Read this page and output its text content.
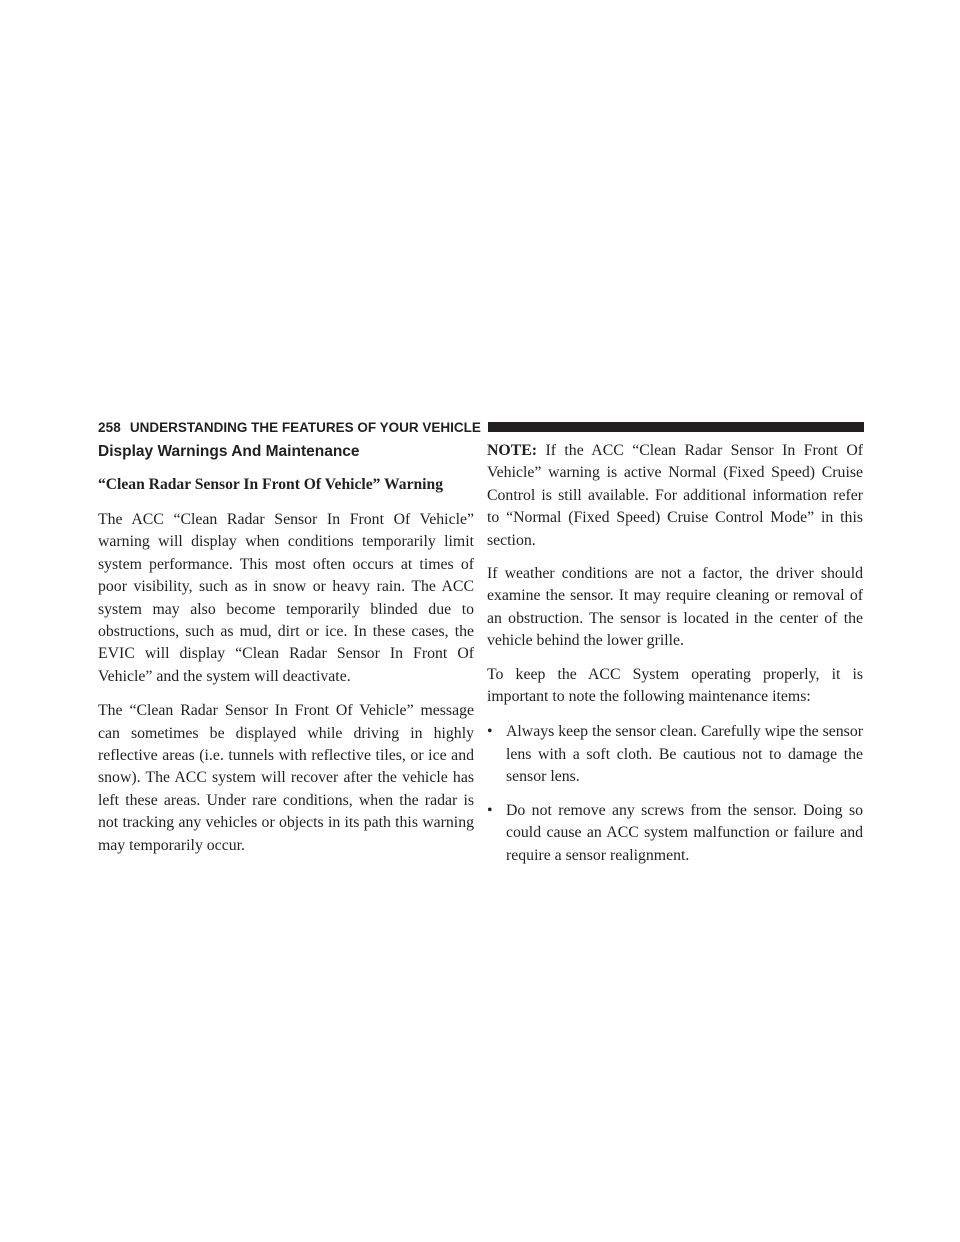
258 UNDERSTANDING THE FEATURES OF YOUR VEHICLE
Display Warnings And Maintenance
“Clean Radar Sensor In Front Of Vehicle” Warning

The ACC “Clean Radar Sensor In Front Of Vehicle” warning will display when conditions temporarily limit system performance. This most often occurs at times of poor visibility, such as in snow or heavy rain. The ACC system may also become temporarily blinded due to obstructions, such as mud, dirt or ice. In these cases, the EVIC will display “Clean Radar Sensor In Front Of Vehicle” and the system will deactivate.

The “Clean Radar Sensor In Front Of Vehicle” message can sometimes be displayed while driving in highly reflective areas (i.e. tunnels with reflective tiles, or ice and snow). The ACC system will recover after the vehicle has left these areas. Under rare conditions, when the radar is not tracking any vehicles or objects in its path this warning may temporarily occur.

NOTE: If the ACC “Clean Radar Sensor In Front Of Vehicle” warning is active Normal (Fixed Speed) Cruise Control is still available. For additional information refer to “Normal (Fixed Speed) Cruise Control Mode” in this section.

If weather conditions are not a factor, the driver should examine the sensor. It may require cleaning or removal of an obstruction. The sensor is located in the center of the vehicle behind the lower grille.

To keep the ACC System operating properly, it is important to note the following maintenance items:

• Always keep the sensor clean. Carefully wipe the sensor lens with a soft cloth. Be cautious not to damage the sensor lens.
• Do not remove any screws from the sensor. Doing so could cause an ACC system malfunction or failure and require a sensor realignment.
